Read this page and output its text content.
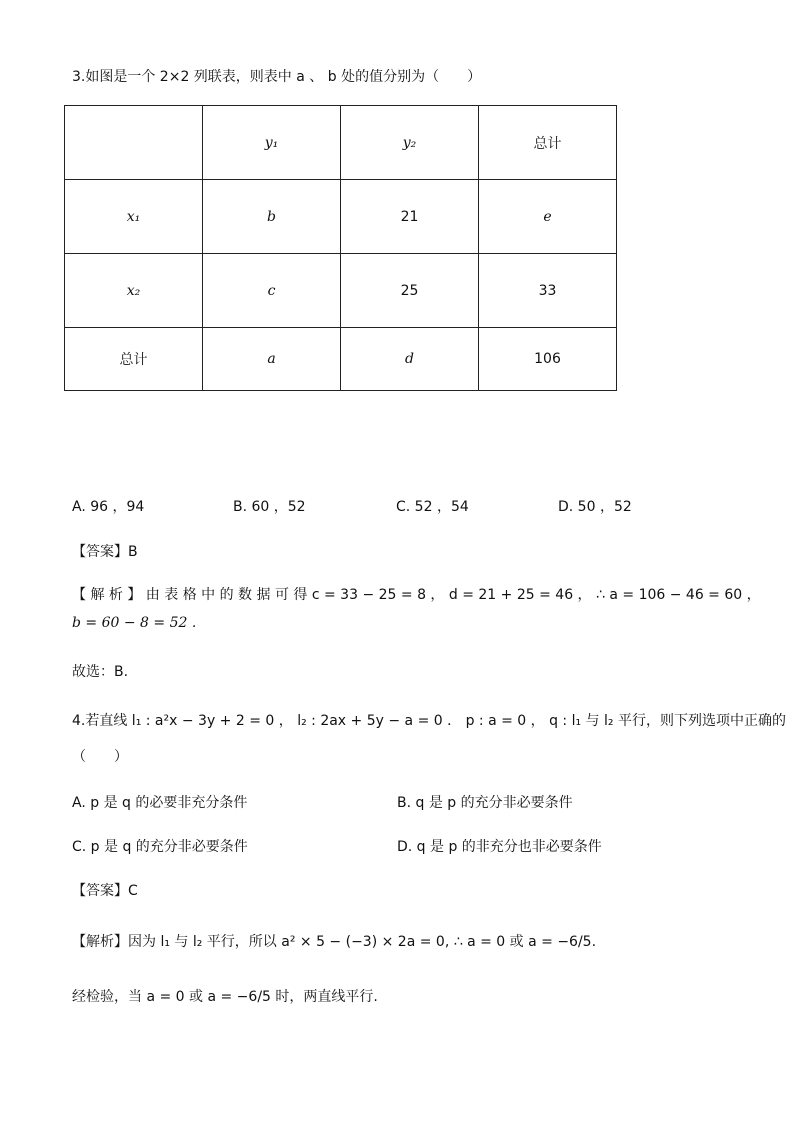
3.如图是一个 2×2 列联表，则表中 a 、 b 处的值分别为（　　）
	y₁	y₂	总计
x₁	b	21	e
x₂	c	25	33
总计	a	d	106
A. 96 ，94	B. 60 ，52	C. 52 ，54	D. 50 ，52
【答案】B
【 解 析 】 由 表 格 中 的 数 据 可 得 c = 33 − 25 = 8 ， d = 21 + 25 = 46 ， ∴ a = 106 − 46 = 60 ，
b = 60 − 8 = 52 .
故选：B.
4.若直线 l₁ : a²x − 3y + 2 = 0 ， l₂ : 2ax + 5y − a = 0 ． p : a = 0 ， q : l₁ 与 l₂ 平行，则下列选项中正确的
（　　）
A. p 是 q 的必要非充分条件	B. q 是 p 的充分非必要条件
C. p 是 q 的充分非必要条件	D. q 是 p 的非充分也非必要条件
【答案】C
【解析】因为 l₁ 与 l₂ 平行，所以 a² × 5 − (−3) × 2a = 0, ∴ a = 0 或 a = −6/5.
经检验，当 a = 0 或 a = −6/5 时，两直线平行.
